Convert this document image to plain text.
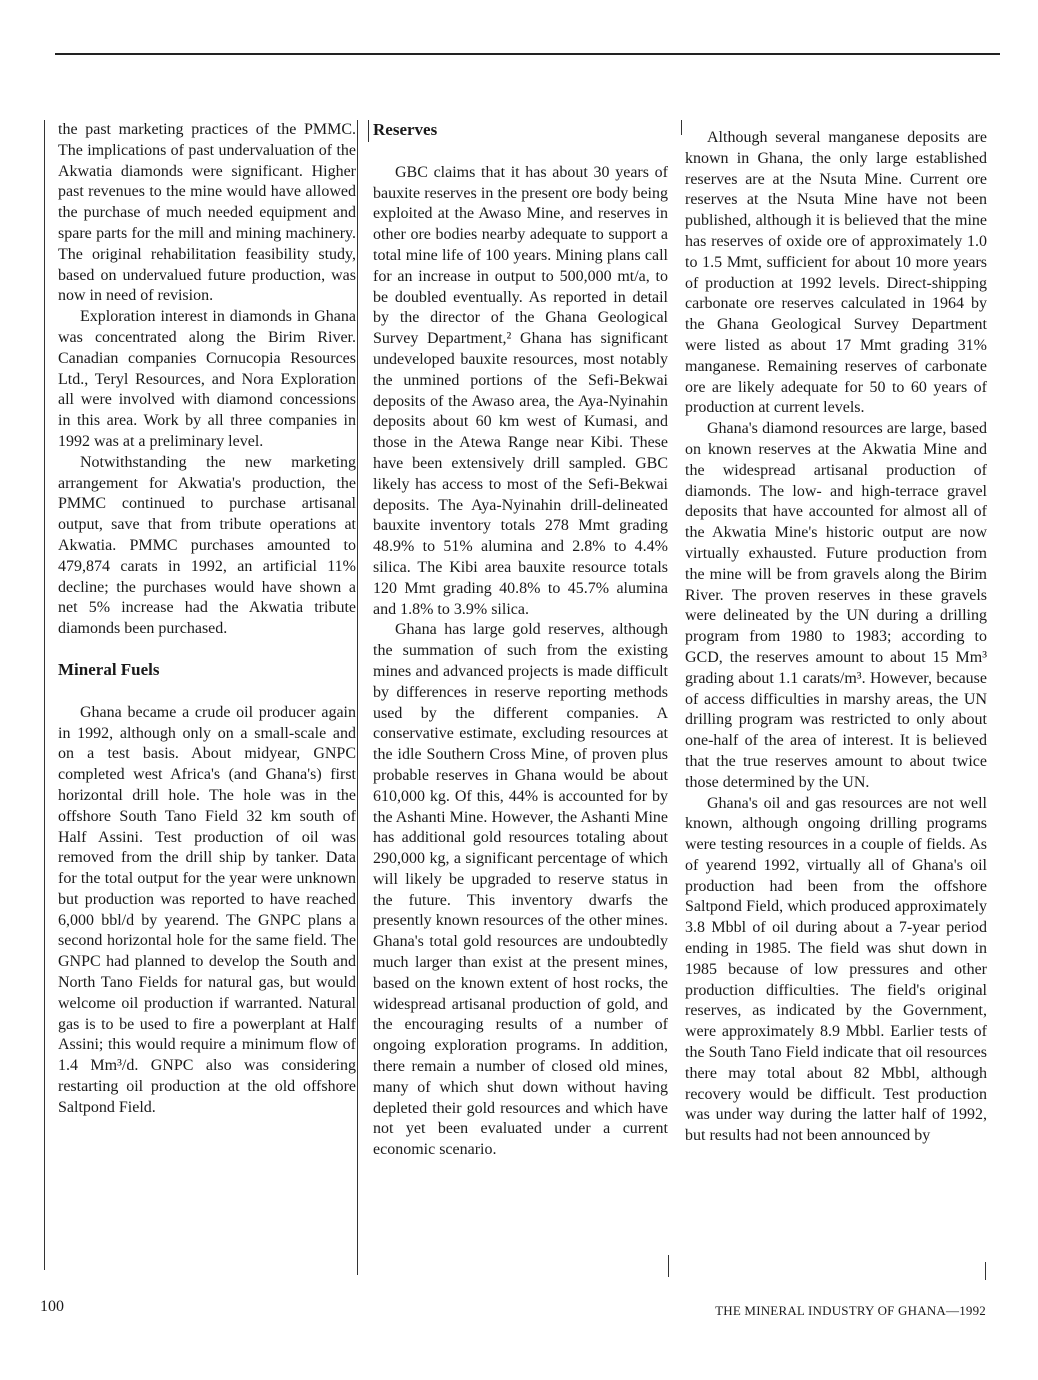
the past marketing practices of the PMMC. The implications of past undervaluation of the Akwatia diamonds were significant. Higher past revenues to the mine would have allowed the purchase of much needed equipment and spare parts for the mill and mining machinery. The original rehabilitation feasibility study, based on undervalued future production, was now in need of revision.

Exploration interest in diamonds in Ghana was concentrated along the Birim River. Canadian companies Cornucopia Resources Ltd., Teryl Resources, and Nora Exploration all were involved with diamond concessions in this area. Work by all three companies in 1992 was at a preliminary level.

Notwithstanding the new marketing arrangement for Akwatia's production, the PMMC continued to purchase artisanal output, save that from tribute operations at Akwatia. PMMC purchases amounted to 479,874 carats in 1992, an artificial 11% decline; the purchases would have shown a net 5% increase had the Akwatia tribute diamonds been purchased.

Mineral Fuels

Ghana became a crude oil producer again in 1992, although only on a small-scale and on a test basis. About midyear, GNPC completed west Africa's (and Ghana's) first horizontal drill hole. The hole was in the offshore South Tano Field 32 km south of Half Assini. Test production of oil was removed from the drill ship by tanker. Data for the total output for the year were unknown but production was reported to have reached 6,000 bbl/d by yearend. The GNPC plans a second horizontal hole for the same field. The GNPC had planned to develop the South and North Tano Fields for natural gas, but would welcome oil production if warranted. Natural gas is to be used to fire a powerplant at Half Assini; this would require a minimum flow of 1.4 Mm³/d. GNPC also was considering restarting oil production at the old offshore Saltpond Field.

Reserves

GBC claims that it has about 30 years of bauxite reserves in the present ore body being exploited at the Awaso Mine, and reserves in other ore bodies nearby adequate to support a total mine life of 100 years. Mining plans call for an increase in output to 500,000 mt/a, to be doubled eventually. As reported in detail by the director of the Ghana Geological Survey Department,² Ghana has significant undeveloped bauxite resources, most notably the unmined portions of the Sefi-Bekwai deposits of the Awaso area, the Aya-Nyinahin deposits about 60 km west of Kumasi, and those in the Atewa Range near Kibi. These have been extensively drill sampled. GBC likely has access to most of the Sefi-Bekwai deposits. The Aya-Nyinahin drill-delineated bauxite inventory totals 278 Mmt grading 48.9% to 51% alumina and 2.8% to 4.4% silica. The Kibi area bauxite resource totals 120 Mmt grading 40.8% to 45.7% alumina and 1.8% to 3.9% silica.

Ghana has large gold reserves, although the summation of such from the existing mines and advanced projects is made difficult by differences in reserve reporting methods used by the different companies. A conservative estimate, excluding resources at the idle Southern Cross Mine, of proven plus probable reserves in Ghana would be about 610,000 kg. Of this, 44% is accounted for by the Ashanti Mine. However, the Ashanti Mine has additional gold resources totaling about 290,000 kg, a significant percentage of which will likely be upgraded to reserve status in the future. This inventory dwarfs the presently known resources of the other mines. Ghana's total gold resources are undoubtedly much larger than exist at the present mines, based on the known extent of host rocks, the widespread artisanal production of gold, and the encouraging results of a number of ongoing exploration programs. In addition, there remain a number of closed old mines, many of which shut down without having depleted their gold resources and which have not yet been evaluated under a current economic scenario.

Although several manganese deposits are known in Ghana, the only large established reserves are at the Nsuta Mine. Current ore reserves at the Nsuta Mine have not been published, although it is believed that the mine has reserves of oxide ore of approximately 1.0 to 1.5 Mmt, sufficient for about 10 more years of production at 1992 levels. Direct-shipping carbonate ore reserves calculated in 1964 by the Ghana Geological Survey Department were listed as about 17 Mmt grading 31% manganese. Remaining reserves of carbonate ore are likely adequate for 50 to 60 years of production at current levels.

Ghana's diamond resources are large, based on known reserves at the Akwatia Mine and the widespread artisanal production of diamonds. The low- and high-terrace gravel deposits that have accounted for almost all of the Akwatia Mine's historic output are now virtually exhausted. Future production from the mine will be from gravels along the Birim River. The proven reserves in these gravels were delineated by the UN during a drilling program from 1980 to 1983; according to GCD, the reserves amount to about 15 Mm³ grading about 1.1 carats/m³. However, because of access difficulties in marshy areas, the UN drilling program was restricted to only about one-half of the area of interest. It is believed that the true reserves amount to about twice those determined by the UN.

Ghana's oil and gas resources are not well known, although ongoing drilling programs were testing resources in a couple of fields. As of yearend 1992, virtually all of Ghana's oil production had been from the offshore Saltpond Field, which produced approximately 3.8 Mbbl of oil during about a 7-year period ending in 1985. The field was shut down in 1985 because of low pressures and other production difficulties. The field's original reserves, as indicated by the Government, were approximately 8.9 Mbbl. Earlier tests of the South Tano Field indicate that oil resources there may total about 82 Mbbl, although recovery would be difficult. Test production was under way during the latter half of 1992, but results had not been announced by

100	THE MINERAL INDUSTRY OF GHANA—1992
